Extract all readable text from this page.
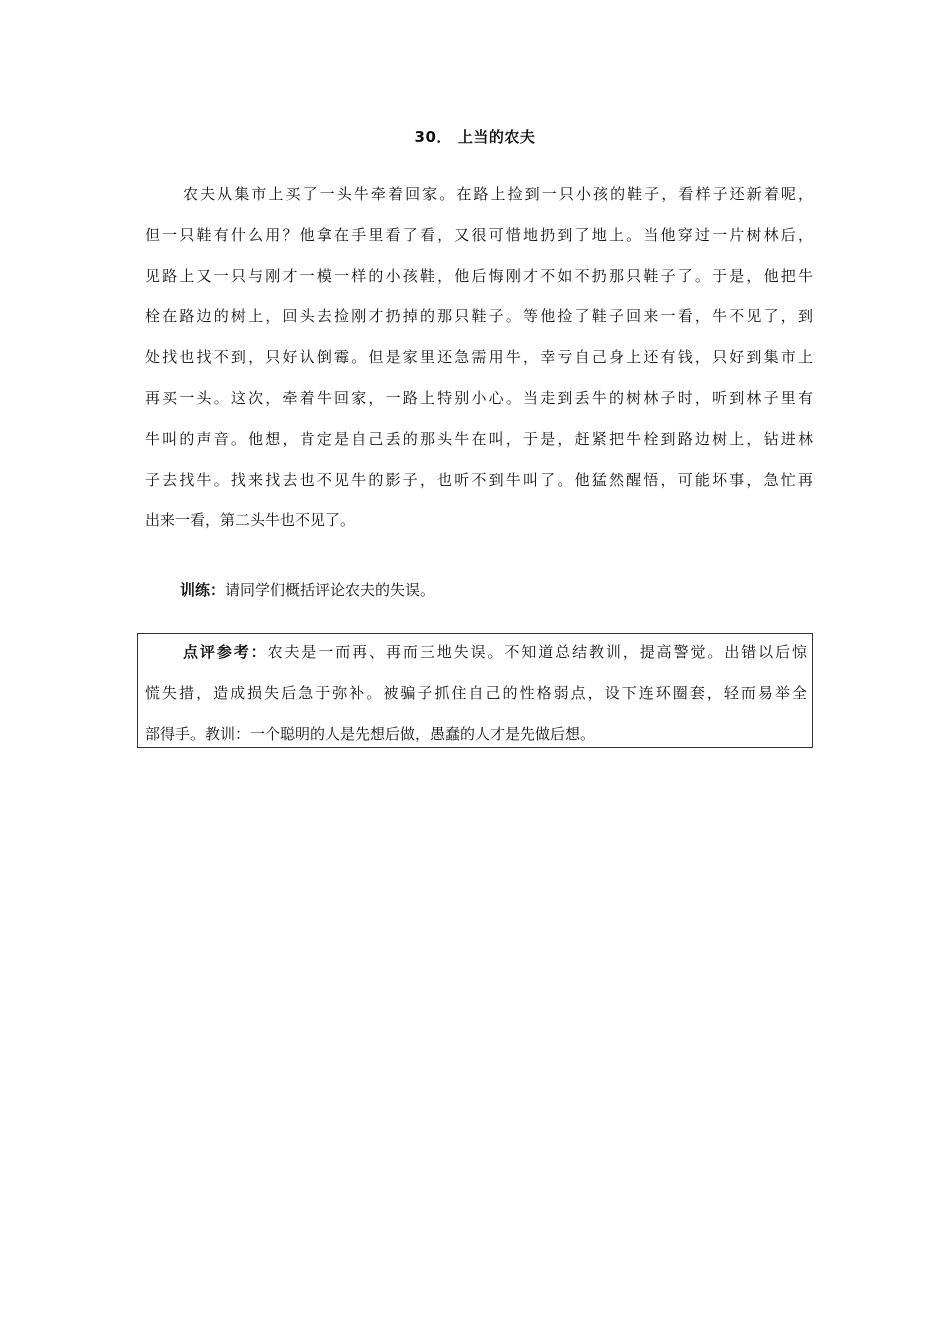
30． 上当的农夫
农夫从集市上买了一头牛牵着回家。在路上捡到一只小孩的鞋子，看样子还新着呢，
但一只鞋有什么用？他拿在手里看了看，又很可惜地扔到了地上。当他穿过一片树林后，
见路上又一只与刚才一模一样的小孩鞋，他后悔刚才不如不扔那只鞋子了。于是，他把牛
栓在路边的树上，回头去捡刚才扔掉的那只鞋子。等他捡了鞋子回来一看，牛不见了，到
处找也找不到，只好认倒霉。但是家里还急需用牛，幸亏自己身上还有钱，只好到集市上
再买一头。这次，牵着牛回家，一路上特别小心。当走到丢牛的树林子时，听到林子里有
牛叫的声音。他想，肯定是自己丢的那头牛在叫，于是，赶紧把牛栓到路边树上，钻进林
子去找牛。找来找去也不见牛的影子，也听不到牛叫了。他猛然醒悟，可能坏事，急忙再
出来一看，第二头牛也不见了。
训练：请同学们概括评论农夫的失误。
点评参考：农夫是一而再、再而三地失误。不知道总结教训，提高警觉。出错以后惊
慌失措，造成损失后急于弥补。被骗子抓住自己的性格弱点，设下连环圈套，轻而易举全
部得手。教训：一个聪明的人是先想后做，愚蠢的人才是先做后想。
